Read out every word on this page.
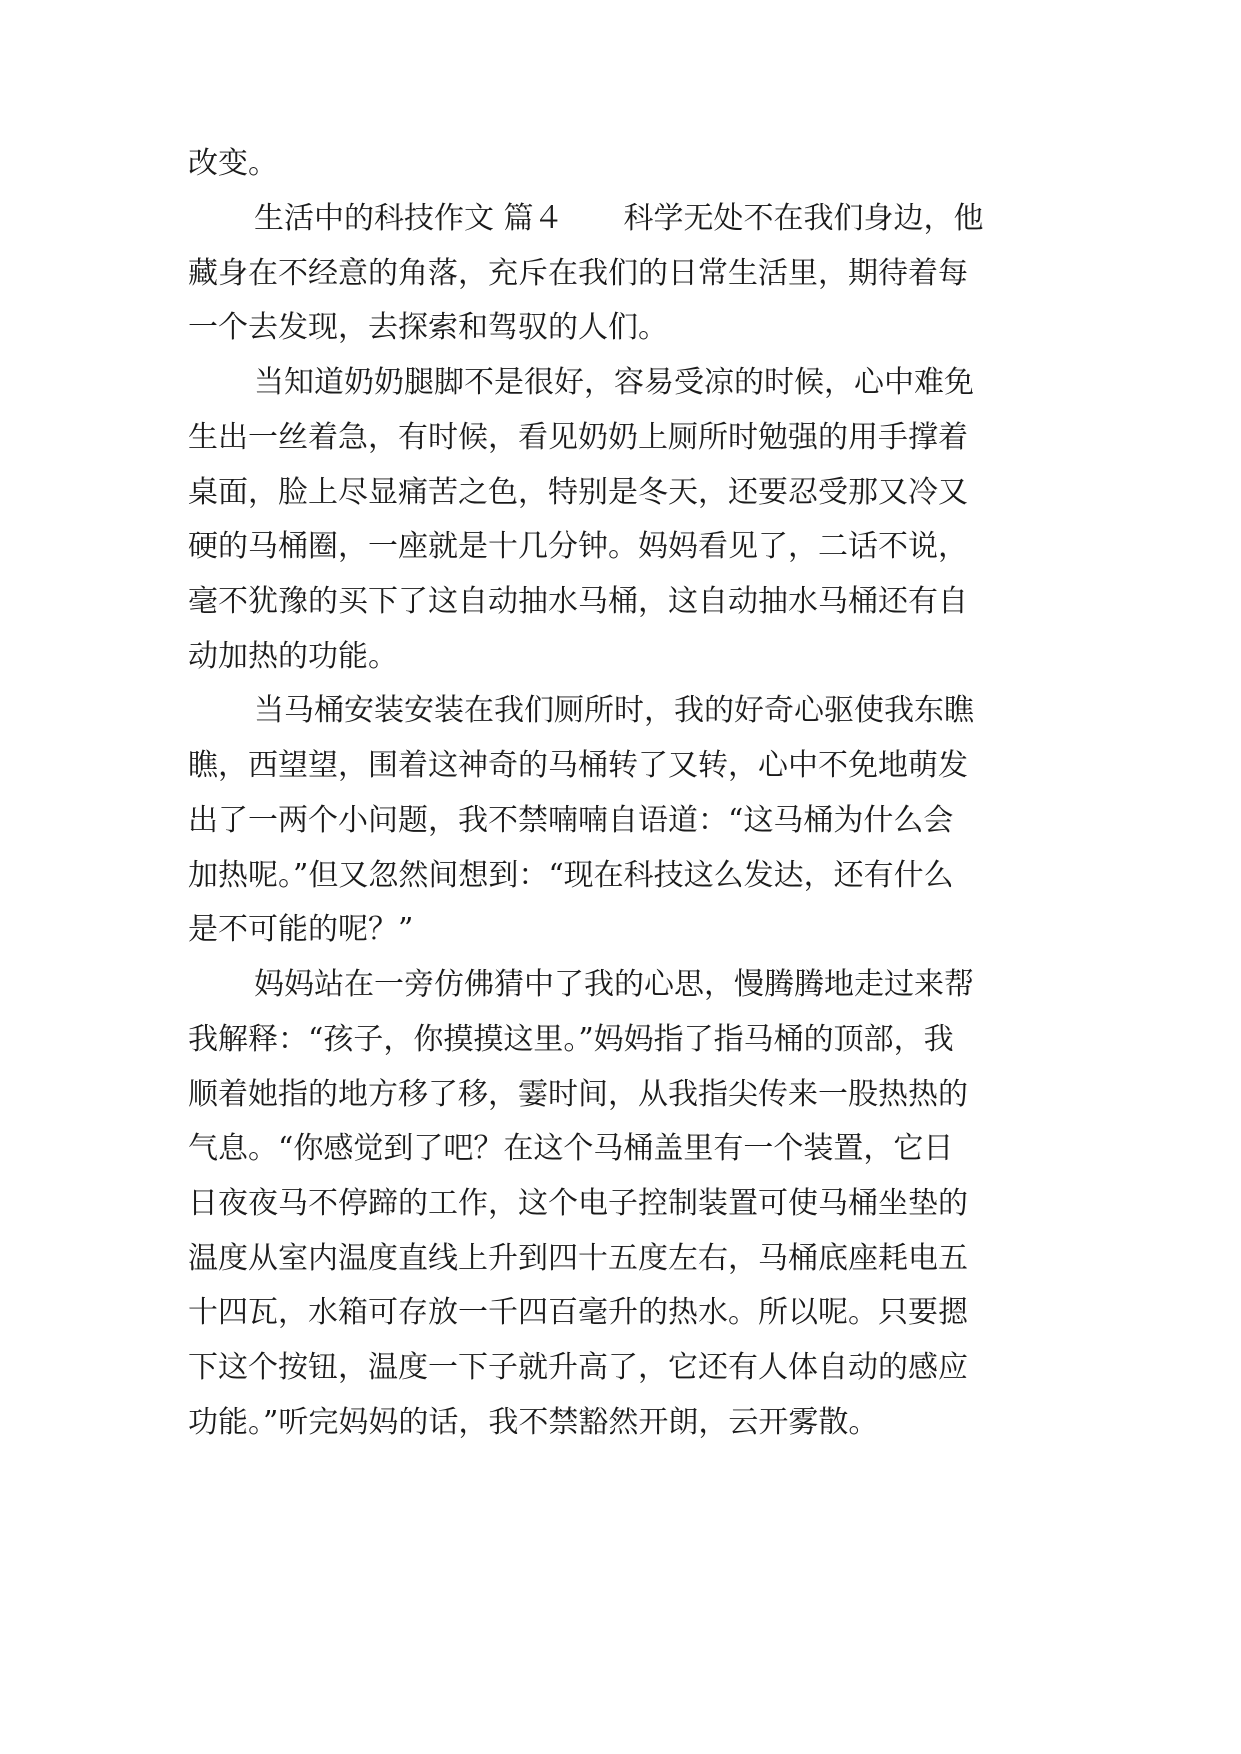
改变。
生活中的科技作文 篇４　　科学无处不在我们身边，他
藏身在不经意的角落，充斥在我们的日常生活里，期待着每
一个去发现，去探索和驾驭的人们。
当知道奶奶腿脚不是很好，容易受凉的时候，心中难免
生出一丝着急，有时候，看见奶奶上厕所时勉强的用手撑着
桌面，脸上尽显痛苦之色，特别是冬天，还要忍受那又冷又
硬的马桶圈，一座就是十几分钟。妈妈看见了，二话不说，
毫不犹豫的买下了这自动抽水马桶，这自动抽水马桶还有自
动加热的功能。
当马桶安装安装在我们厕所时，我的好奇心驱使我东瞧
瞧，西望望，围着这神奇的马桶转了又转，心中不免地萌发
出了一两个小问题，我不禁喃喃自语道：“这马桶为什么会
加热呢。”但又忽然间想到：“现在科技这么发达，还有什么
是不可能的呢？”
妈妈站在一旁仿佛猜中了我的心思，慢腾腾地走过来帮
我解释：“孩子，你摸摸这里。”妈妈指了指马桶的顶部，我
顺着她指的地方移了移，霎时间，从我指尖传来一股热热的
气息。“你感觉到了吧？在这个马桶盖里有一个装置，它日
日夜夜马不停蹄的工作，这个电子控制装置可使马桶坐垫的
温度从室内温度直线上升到四十五度左右，马桶底座耗电五
十四瓦，水箱可存放一千四百毫升的热水。所以呢。只要摁
下这个按钮，温度一下子就升高了，它还有人体自动的感应
功能。”听完妈妈的话，我不禁豁然开朗，云开雾散。
